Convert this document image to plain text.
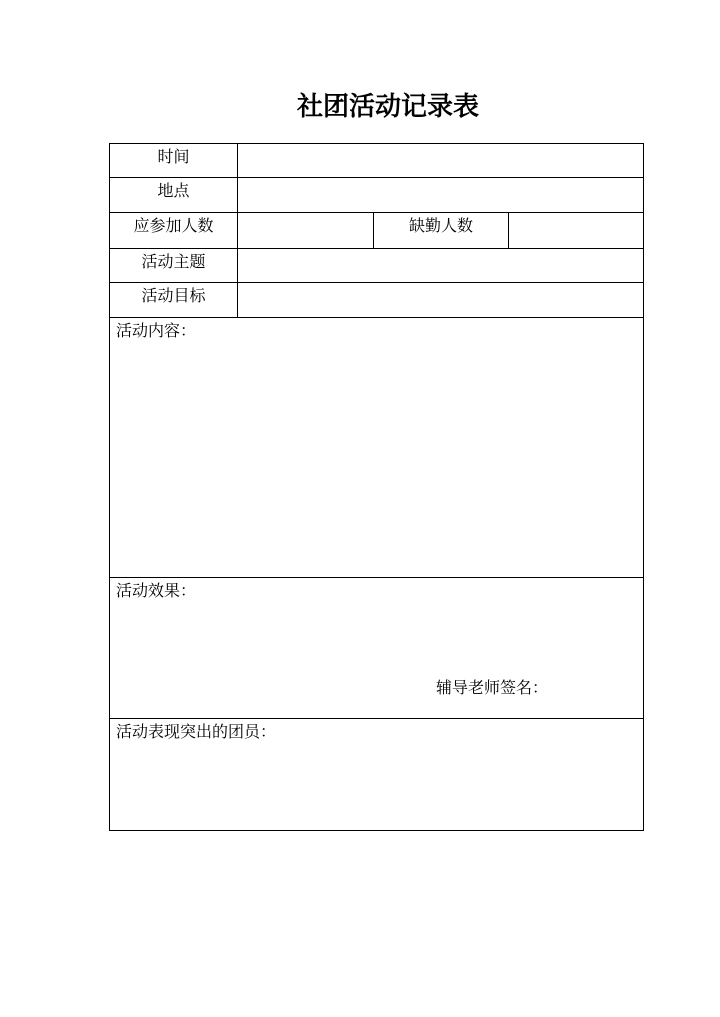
社团活动记录表
时间
地点
应参加人数	缺勤人数
活动主题
活动目标
活动内容：
活动效果：
辅导老师签名：
活动表现突出的团员：
